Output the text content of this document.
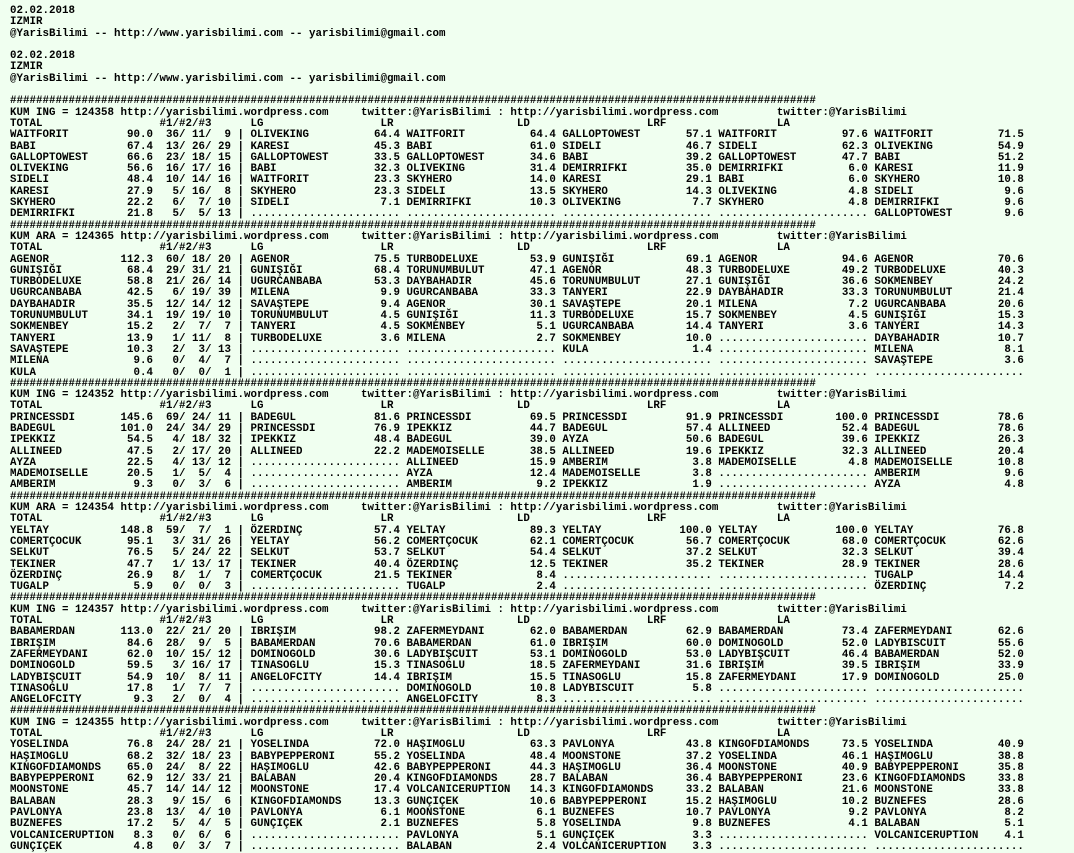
02.02.2018
IZMIR
@YarisBilimi -- http://www.yarisbilimi.com -- yarisbilimi@gmail.com

02.02.2018
IZMIR
@YarisBilimi -- http://www.yarisbilimi.com -- yarisbilimi@gmail.com

############################################################################################################################
KUM ING = 124358 http://yarisbilimi.wordpress.com     twitter:@YarisBilimi : http://yarisbilimi.wordpress.com         twitter:@YarisBilimi
TOTAL                  #1/#2/#3      LG                  LR                   LD                  LRF                 LA
WAITFORIT         90.0  36/ 11/  9 | OLIVEKING          64.4 WAITFORIT          64.4 GALLOPTOWEST       57.1 WAITFORIT          97.6 WAITFORIT          71.5
BABI              67.4  13/ 26/ 29 | KARESI             45.3 BABI               61.0 SIDELI             46.7 SIDELI             62.3 OLIVEKING          54.9
GALLOPTOWEST      66.6  23/ 18/ 15 | GALLOPTOWEST       33.5 GALLOPTOWEST       34.6 BABI               39.2 GALLOPTOWEST       47.7 BABI               51.2
OLIVEKING         56.6  16/ 17/ 16 | BABI               32.3 OLIVEKING          31.4 DEMIRRIFKI         35.0 DEMIRRIFKI          6.0 KARESI             11.9
SIDELI            48.4  10/ 14/ 16 | WAITFORIT          23.3 SKYHERO            14.0 KARESI             29.1 BABI                6.0 SKYHERO            10.8
KARESI            27.9   5/ 16/  8 | SKYHERO            23.3 SIDELI             13.5 SKYHERO            14.3 OLIVEKING           4.8 SIDELI              9.6
SKYHERO           22.2   6/  7/ 10 | SIDELI              7.1 DEMIRRIFKI         10.3 OLIVEKING           7.7 SKYHERO             4.8 DEMIRRIFKI          9.6
DEMIRRIFKI        21.8   5/  5/ 13 | ....................... ....................... ....................... ....................... GALLOPTOWEST        9.6
############################################################################################################################
KUM ARA = 124365 http://yarisbilimi.wordpress.com     twitter:@YarisBilimi : http://yarisbilimi.wordpress.com         twitter:@YarisBilimi
TOTAL                  #1/#2/#3      LG                  LR                   LD                  LRF                 LA
AGENOR           112.3  60/ 18/ 20 | AGENOR             75.5 TURBODELUXE        53.9 GUNIŞIĞI           69.1 AGENOR             94.6 AGENOR             70.6
GUNIŞIĞI          68.4  29/ 31/ 21 | GUNIŞIĞI           68.4 TORUNUMBULUT       47.1 AGENOR             48.3 TURBODELUXE        49.2 TURBODELUXE        40.3
TURBODELUXE       58.8  21/ 26/ 14 | UGURCANBABA        53.3 DAYBAHADIR         45.6 TORUNUMBULUT       27.1 GUNIŞIĞI           36.6 SOKMENBEY          24.2
UGURCANBABA       42.5   6/ 19/ 39 | MILENA              9.9 UGURCANBABA        33.3 TANYERI            22.9 DAYBAHADIR         33.3 TORUNUMBULUT       21.4
DAYBAHADIR        35.5  12/ 14/ 12 | SAVAŞTEPE           9.4 AGENOR             30.1 SAVAŞTEPE          20.1 MILENA              7.2 UGURCANBABA        20.6
TORUNUMBULUT      34.1  19/ 19/ 10 | TORUNUMBULUT        4.5 GUNIŞIĞI           11.3 TURBODELUXE        15.7 SOKMENBEY           4.5 GUNIŞIĞI           15.3
SOKMENBEY         15.2   2/  7/  7 | TANYERI             4.5 SOKMENBEY           5.1 UGURCANBABA        14.4 TANYERI             3.6 TANYERI            14.3
TANYERI           13.9   1/ 11/  8 | TURBODELUXE         3.6 MILENA              2.7 SOKMENBEY          10.0 ....................... DAYBAHADIR         10.7
SAVAŞTEPE         10.3   2/  3/ 13 | ....................... ....................... KULA                1.4 ....................... MILENA              8.1
MILENA             9.6   0/  4/  7 | ....................... ....................... ....................... ....................... SAVAŞTEPE           3.6
KULA               0.4   0/  0/  1 | ....................... ....................... ....................... ....................... .......................
############################################################################################################################
KUM ING = 124352 http://yarisbilimi.wordpress.com     twitter:@YarisBilimi : http://yarisbilimi.wordpress.com         twitter:@YarisBilimi
TOTAL                  #1/#2/#3      LG                  LR                   LD                  LRF                 LA
PRINCESSDI       145.6  69/ 24/ 11 | BADEGUL            81.6 PRINCESSDI         69.5 PRINCESSDI         91.9 PRINCESSDI        100.0 PRINCESSDI         78.6
BADEGUL          101.0  24/ 34/ 29 | PRINCESSDI         76.9 IPEKKIZ            44.7 BADEGUL            57.4 ALLINEED           52.4 BADEGUL            78.6
IPEKKIZ           54.5   4/ 18/ 32 | IPEKKIZ            48.4 BADEGUL            39.0 AYZA               50.6 BADEGUL            39.6 IPEKKIZ            26.3
ALLINEED          47.5   2/ 17/ 20 | ALLINEED           22.2 MADEMOISELLE       38.5 ALLINEED           19.6 IPEKKIZ            32.3 ALLINEED           20.4
AYZA              22.5   4/ 13/ 12 | ....................... ALLINEED           15.9 AMBERIM             3.8 MADEMOISELLE        4.8 MADEMOISELLE       10.8
MADEMOISELLE      20.5   1/  5/  4 | ....................... AYZA               12.4 MADEMOISELLE        3.8 ....................... AMBERIM             9.6
AMBERIM            9.3   0/  3/  6 | ....................... AMBERIM             9.2 IPEKKIZ             1.9 ....................... AYZA                4.8
############################################################################################################################
KUM ARA = 124354 http://yarisbilimi.wordpress.com     twitter:@YarisBilimi : http://yarisbilimi.wordpress.com         twitter:@YarisBilimi
TOTAL                  #1/#2/#3      LG                  LR                   LD                  LRF                 LA
YELTAY           148.8  59/  7/  1 | ÖZERDINÇ           57.4 YELTAY             89.3 YELTAY            100.0 YELTAY            100.0 YELTAY             76.8
COMERTÇOCUK       95.1   3/ 31/ 26 | YELTAY             56.2 COMERTÇOCUK        62.1 COMERTÇOCUK        56.7 COMERTÇOCUK        68.0 COMERTÇOCUK        62.6
SELKUT            76.5   5/ 24/ 22 | SELKUT             53.7 SELKUT             54.4 SELKUT             37.2 SELKUT             32.3 SELKUT             39.4
TEKINER           47.7   1/ 13/ 17 | TEKINER            40.4 ÖZERDINÇ           12.5 TEKINER            35.2 TEKINER            28.9 TEKINER            28.6
ÖZERDINÇ          26.9   8/  1/  7 | COMERTÇOCUK        21.5 TEKINER             8.4 ....................... ....................... TUGALP             14.4
TUGALP             5.9   0/  0/  3 | ....................... TUGALP              2.4 ....................... ....................... ÖZERDINÇ            7.2
############################################################################################################################
KUM ING = 124357 http://yarisbilimi.wordpress.com     twitter:@YarisBilimi : http://yarisbilimi.wordpress.com         twitter:@YarisBilimi
TOTAL                  #1/#2/#3      LG                  LR                   LD                  LRF                 LA
BABAMERDAN       113.0  22/ 21/ 20 | IBRIŞIM            98.2 ZAFERMEYDANI       62.0 BABAMERDAN         62.9 BABAMERDAN         73.4 ZAFERMEYDANI       62.6
IBRIŞIM           84.6  28/  9/  5 | BABAMERDAN         70.6 BABAMERDAN         61.0 IBRIŞIM            60.0 DOMINOGOLD         52.0 LADYBISCUIT        55.6
ZAFERMEYDANI      62.0  10/ 15/ 12 | DOMINOGOLD         30.6 LADYBIŞCUIT        53.1 DOMINOGOLD         53.0 LADYBIŞCUIT        46.4 BABAMERDAN         52.0
DOMINOGOLD        59.5   3/ 16/ 17 | TINASOGLU          15.3 TINASOGLU          18.5 ZAFERMEYDANI       31.6 IBRIŞIM            39.5 IBRIŞIM            33.9
LADYBIŞCUIT       54.9  10/  8/ 11 | ANGELOFCITY        14.4 IBRIŞIM            15.5 TINASOGLU          15.8 ZAFERMEYDANI       17.9 DOMINOGOLD         25.0
TINASOGLU         17.8   1/  7/  7 | ....................... DOMINOGOLD         10.8 LADYBISCUIT         5.8 ....................... .......................
ANGELOFCITY        9.3   2/  0/  4 | ....................... ANGELOFCITY         8.3 ....................... ....................... .......................
############################################################################################################################
KUM ING = 124355 http://yarisbilimi.wordpress.com     twitter:@YarisBilimi : http://yarisbilimi.wordpress.com         twitter:@YarisBilimi
TOTAL                  #1/#2/#3      LG                  LR                   LD                  LRF                 LA
YOSELINDA         76.8  24/ 28/ 21 | YOSELINDA          72.0 HAŞIMOGLU          63.3 PAVLONYA           43.8 KINGOFDIAMONDS     73.5 YOSELINDA          40.9
HAŞIMOGLU         68.2  32/ 18/ 23 | BABYPEPPERONI      55.2 YOSELINDA          48.4 MOONSTONE          37.2 YOSELINDA          46.1 HAŞIMOGLU          38.8
KINGOFDIAMONDS    65.0  24/  8/ 22 | HAŞIMOGLU          42.6 BABYPEPPERONI      44.3 HAŞIMOGLU          36.4 MOONSTONE          40.9 BABYPEPPERONI      35.8
BABYPEPPERONI     62.9  12/ 33/ 21 | BALABAN            20.4 KINGOFDIAMONDS     28.7 BALABAN            36.4 BABYPEPPERONI      23.6 KINGOFDIAMONDS     33.8
MOONSTONE         45.7  14/ 14/ 12 | MOONSTONE          17.4 VOLCANICERUPTION   14.3 KINGOFDIAMONDS     33.2 BALABAN            21.6 MOONSTONE          33.8
BALABAN           28.3   9/ 15/  6 | KINGOFDIAMONDS     13.3 GUNÇIÇEK           10.6 BABYPEPPERONI      15.2 HAŞIMOGLU          10.2 BUZNEFES           28.6
PAVLONYA          23.8  13/  4/ 10 | PAVLONYA            6.1 MOONSTONE           6.1 BUZNEFES           10.7 PAVLONYA            9.2 PAVLONYA            8.2
BUZNEFES          17.2   5/  4/  5 | GUNÇIÇEK            2.1 BUZNEFES            5.8 YOSELINDA           9.8 BUZNEFES            4.1 BALABAN             5.1
VOLCANICERUPTION   8.3   0/  6/  6 | ....................... PAVLONYA            5.1 GUNÇIÇEK            3.3 ....................... VOLCANICERUPTION    4.1
GUNÇIÇEK           4.8   0/  3/  7 | ....................... BALABAN             2.4 VOLCANICERUPTION    3.3 ....................... .......................
